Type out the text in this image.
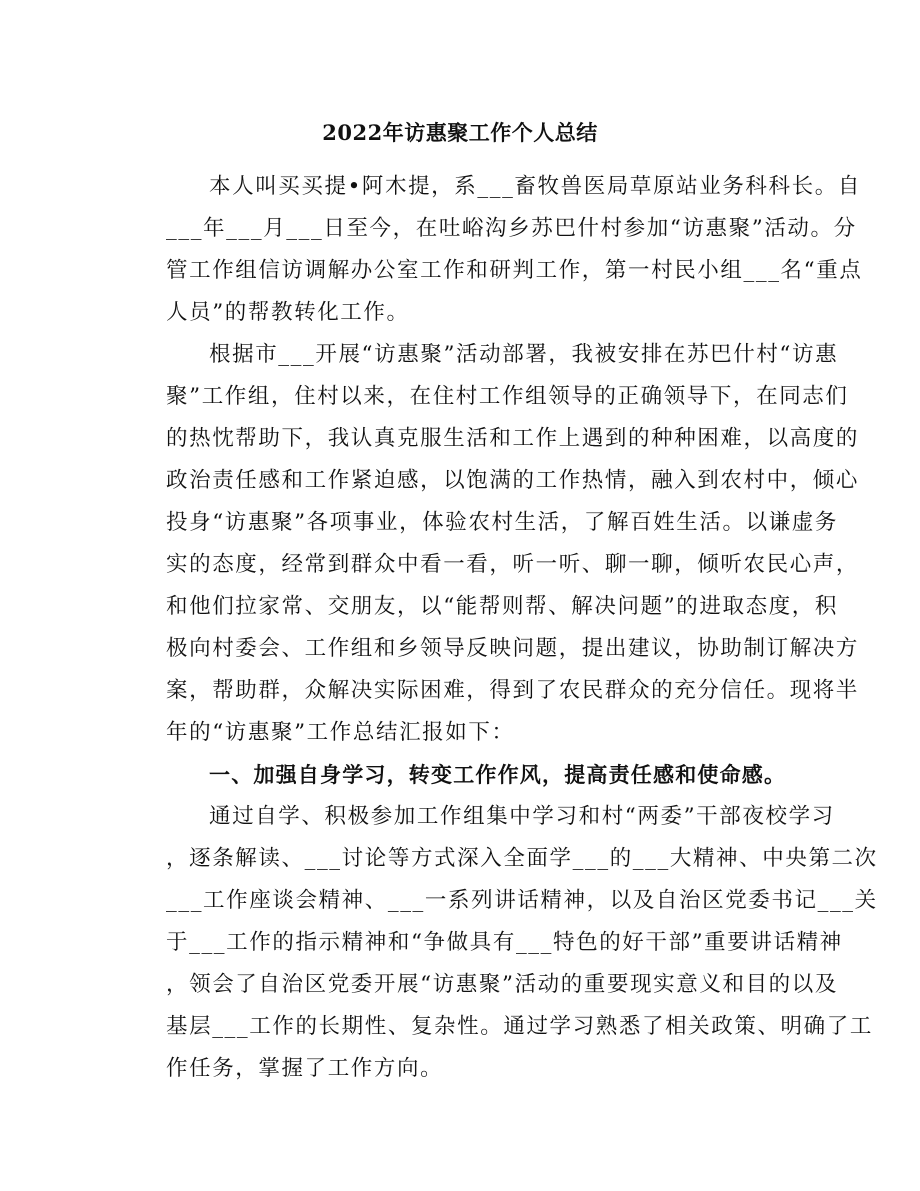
2022年访惠聚工作个人总结
本人叫买买提•阿木提，系___畜牧兽医局草原站业务科科长。自
___年___月___日至今，在吐峪沟乡苏巴什村参加“访惠聚”活动。分
管工作组信访调解办公室工作和研判工作，第一村民小组___名“重点
人员”的帮教转化工作。
根据市___开展“访惠聚”活动部署，我被安排在苏巴什村“访惠
聚”工作组，住村以来，在住村工作组领导的正确领导下，在同志们
的热忱帮助下，我认真克服生活和工作上遇到的种种困难，以高度的
政治责任感和工作紧迫感，以饱满的工作热情，融入到农村中，倾心
投身“访惠聚”各项事业，体验农村生活，了解百姓生活。以谦虚务
实的态度，经常到群众中看一看，听一听、聊一聊，倾听农民心声，
和他们拉家常、交朋友，以“能帮则帮、解决问题”的进取态度，积
极向村委会、工作组和乡领导反映问题，提出建议，协助制订解决方
案，帮助群，众解决实际困难，得到了农民群众的充分信任。现将半
年的“访惠聚”工作总结汇报如下：
一、加强自身学习，转变工作作风，提高责任感和使命感。
通过自学、积极参加工作组集中学习和村“两委”干部夜校学习
，逐条解读、___讨论等方式深入全面学___的___大精神、中央第二次
___工作座谈会精神、___一系列讲话精神，以及自治区党委书记___关
于___工作的指示精神和“争做具有___特色的好干部”重要讲话精神
，领会了自治区党委开展“访惠聚”活动的重要现实意义和目的以及
基层___工作的长期性、复杂性。通过学习熟悉了相关政策、明确了工
作任务，掌握了工作方向。
